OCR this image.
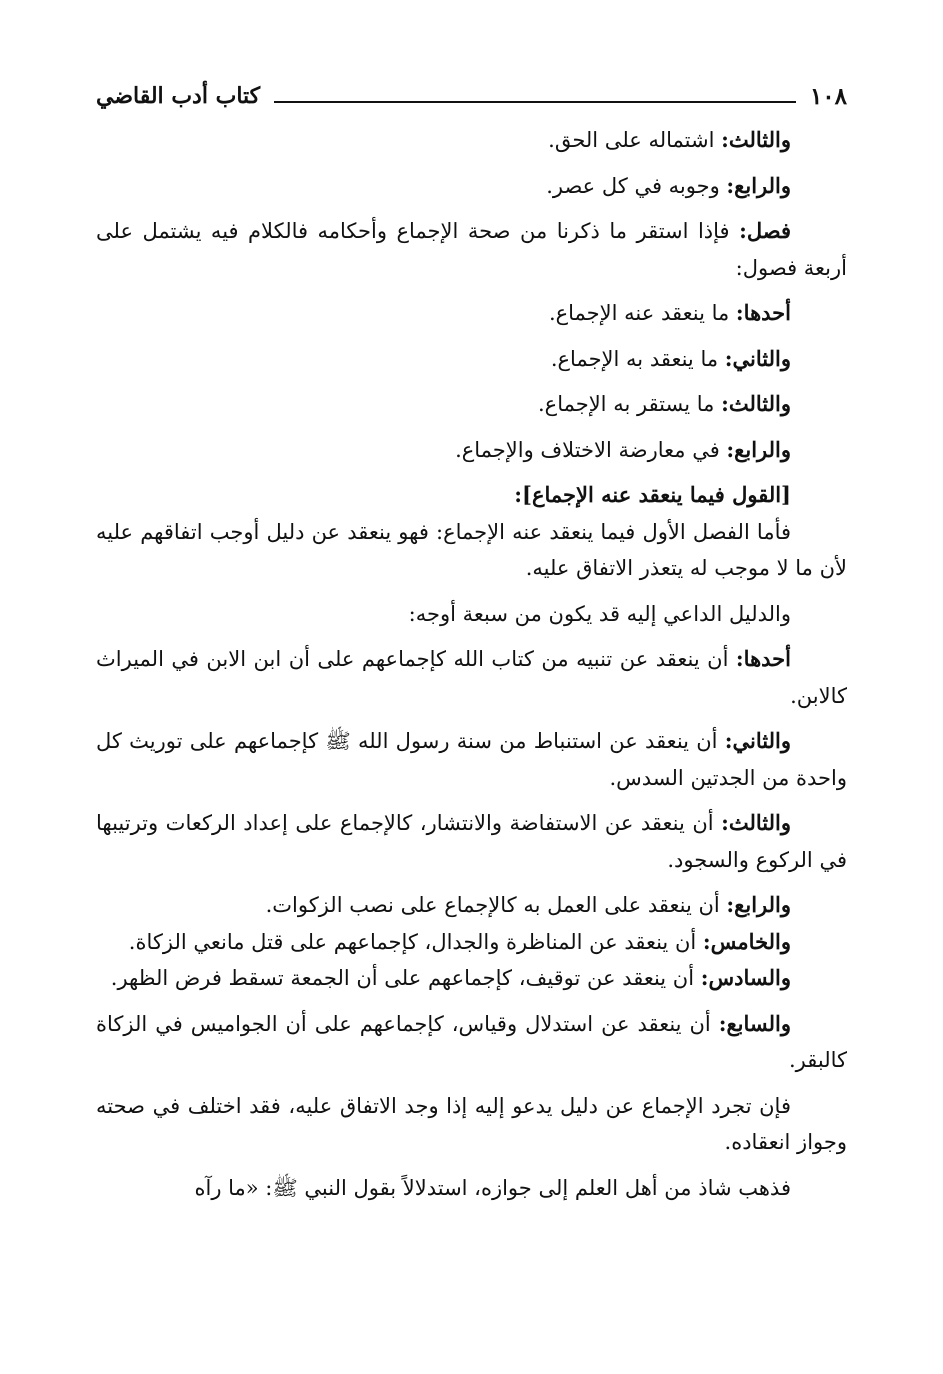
١٠٨
كتاب أدب القاضي

والثالث: اشتماله على الحق.

والرابع: وجوبه في كل عصر.

فصل: فإذا استقر ما ذكرنا من صحة الإجماع وأحكامه فالكلام فيه يشتمل على أربعة فصول:

أحدها: ما ينعقد عنه الإجماع.

والثاني: ما ينعقد به الإجماع.

والثالث: ما يستقر به الإجماع.

والرابع: في معارضة الاختلاف والإجماع.

[القول فيما ينعقد عنه الإجماع]:

فأما الفصل الأول فيما ينعقد عنه الإجماع: فهو ينعقد عن دليل أوجب اتفاقهم عليه لأن ما لا موجب له يتعذر الاتفاق عليه.

والدليل الداعي إليه قد يكون من سبعة أوجه:

أحدها: أن ينعقد عن تنبيه من كتاب الله كإجماعهم على أن ابن الابن في الميراث كالابن.

والثاني: أن ينعقد عن استنباط من سنة رسول الله ﷺ كإجماعهم على توريث كل واحدة من الجدتين السدس.

والثالث: أن ينعقد عن الاستفاضة والانتشار، كالإجماع على إعداد الركعات وترتيبها في الركوع والسجود.

والرابع: أن ينعقد على العمل به كالإجماع على نصب الزكوات.

والخامس: أن ينعقد عن المناظرة والجدال، كإجماعهم على قتل مانعي الزكاة.

والسادس: أن ينعقد عن توقيف، كإجماعهم على أن الجمعة تسقط فرض الظهر.

والسابع: أن ينعقد عن استدلال وقياس، كإجماعهم على أن الجواميس في الزكاة كالبقر.

فإن تجرد الإجماع عن دليل يدعو إليه إذا وجد الاتفاق عليه، فقد اختلف في صحته وجواز انعقاده.

فذهب شاذ من أهل العلم إلى جوازه، استدلالاً بقول النبي ﷺ: «ما رآه
